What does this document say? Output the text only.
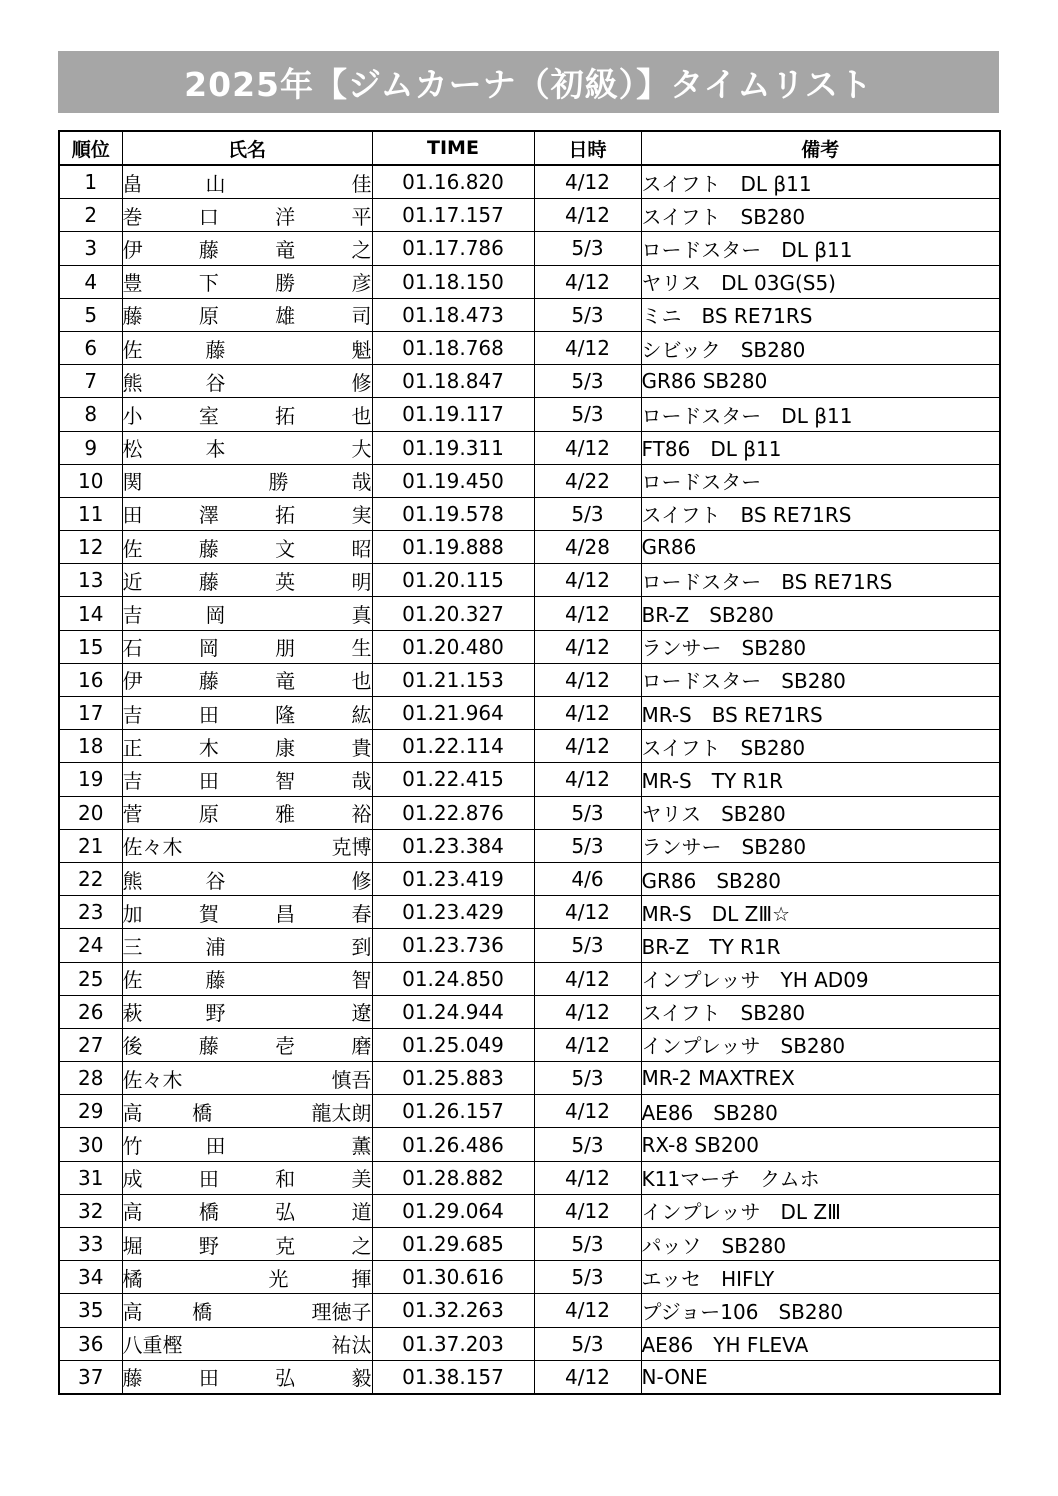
2025年【ジムカーナ（初級）】タイムリスト
順位	氏名	TIME	日時	備考
1	畠 山 佳	01.16.820	4/12	スイフト　DL β11
2	巻 口 洋 平	01.17.157	4/12	スイフト　SB280
3	伊 藤 竜 之	01.17.786	5/3	ロードスター　DL β11
4	豊 下 勝 彦	01.18.150	4/12	ヤリス　DL 03G(S5)
5	藤 原 雄 司	01.18.473	5/3	ミニ　BS RE71RS
6	佐 藤 魁	01.18.768	4/12	シビック　SB280
7	熊 谷 修	01.18.847	5/3	GR86 SB280
8	小 室 拓 也	01.19.117	5/3	ロードスター　DL β11
9	松 本 大	01.19.311	4/12	FT86　DL β11
10	関 勝 哉	01.19.450	4/22	ロードスター
11	田 澤 拓 実	01.19.578	5/3	スイフト　BS RE71RS
12	佐 藤 文 昭	01.19.888	4/28	GR86
13	近 藤 英 明	01.20.115	4/12	ロードスター　BS RE71RS
14	吉 岡 真	01.20.327	4/12	BR-Z　SB280
15	石 岡 朋 生	01.20.480	4/12	ランサー　SB280
16	伊 藤 竜 也	01.21.153	4/12	ロードスター　SB280
17	吉 田 隆 紘	01.21.964	4/12	MR-S　BS RE71RS
18	正 木 康 貴	01.22.114	4/12	スイフト　SB280
19	吉 田 智 哉	01.22.415	4/12	MR-S　TY R1R
20	菅 原 雅 裕	01.22.876	5/3	ヤリス　SB280
21	佐々木 克博	01.23.384	5/3	ランサー　SB280
22	熊 谷 修	01.23.419	4/6	GR86　SB280
23	加 賀 昌 春	01.23.429	4/12	MR-S　DL ZⅢ☆
24	三 浦 到	01.23.736	5/3	BR-Z　TY R1R
25	佐 藤 智	01.24.850	4/12	インプレッサ　YH AD09
26	萩 野 遼	01.24.944	4/12	スイフト　SB280
27	後 藤 壱 磨	01.25.049	4/12	インプレッサ　SB280
28	佐々木 慎吾	01.25.883	5/3	MR-2 MAXTREX
29	高 橋 龍太朗	01.26.157	4/12	AE86　SB280
30	竹 田 薫	01.26.486	5/3	RX-8 SB200
31	成 田 和 美	01.28.882	4/12	K11マーチ　クムホ
32	高 橋 弘 道	01.29.064	4/12	インプレッサ　DL ZⅢ
33	堀 野 克 之	01.29.685	5/3	パッソ　SB280
34	橘 光 揮	01.30.616	5/3	エッセ　HIFLY
35	高 橋 理徳子	01.32.263	4/12	プジョー106　SB280
36	八重樫 祐汰	01.37.203	5/3	AE86　YH FLEVA
37	藤 田 弘 毅	01.38.157	4/12	N-ONE
